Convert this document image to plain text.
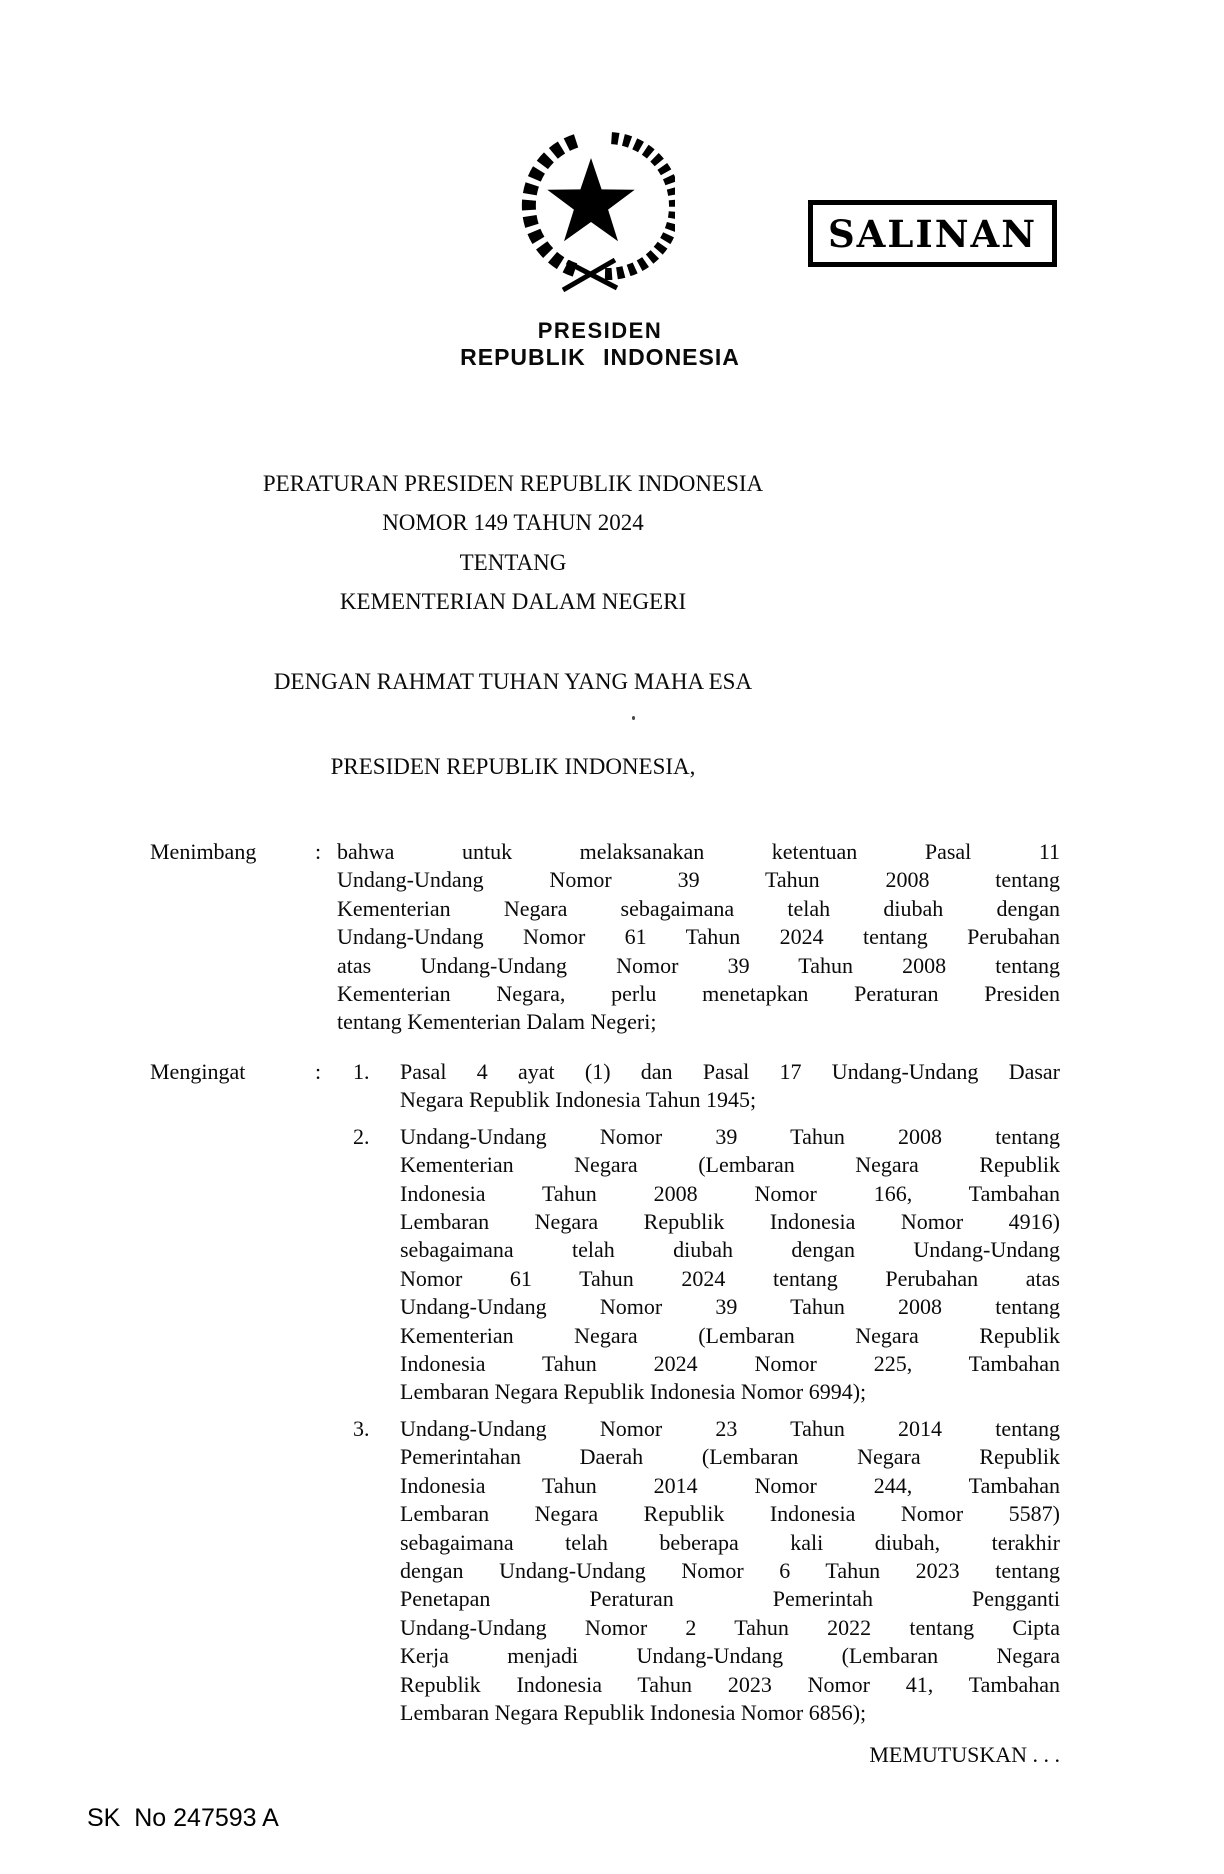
SALINAN
PRESIDEN
REPUBLIK INDONESIA
PERATURAN PRESIDEN REPUBLIK INDONESIA
NOMOR 149 TAHUN 2024
TENTANG
KEMENTERIAN DALAM NEGERI
DENGAN RAHMAT TUHAN YANG MAHA ESA
PRESIDEN REPUBLIK INDONESIA,
Menimbang	: bahwa untuk melaksanakan ketentuan Pasal 11
Undang-Undang Nomor 39 Tahun 2008 tentang
Kementerian Negara sebagaimana telah diubah dengan
Undang-Undang Nomor 61 Tahun 2024 tentang Perubahan
atas Undang-Undang Nomor 39 Tahun 2008 tentang
Kementerian Negara, perlu menetapkan Peraturan Presiden
tentang Kementerian Dalam Negeri;
Mengingat	: 1.	Pasal 4 ayat (1) dan Pasal 17 Undang-Undang Dasar
Negara Republik Indonesia Tahun 1945;
2.	Undang-Undang Nomor 39 Tahun 2008 tentang
Kementerian Negara (Lembaran Negara Republik
Indonesia Tahun 2008 Nomor 166, Tambahan
Lembaran Negara Republik Indonesia Nomor 4916)
sebagaimana telah diubah dengan Undang-Undang
Nomor 61 Tahun 2024 tentang Perubahan atas
Undang-Undang Nomor 39 Tahun 2008 tentang
Kementerian Negara (Lembaran Negara Republik
Indonesia Tahun 2024 Nomor 225, Tambahan
Lembaran Negara Republik Indonesia Nomor 6994);
3.	Undang-Undang Nomor 23 Tahun 2014 tentang
Pemerintahan Daerah (Lembaran Negara Republik
Indonesia Tahun 2014 Nomor 244, Tambahan
Lembaran Negara Republik Indonesia Nomor 5587)
sebagaimana telah beberapa kali diubah, terakhir
dengan Undang-Undang Nomor 6 Tahun 2023 tentang
Penetapan Peraturan Pemerintah Pengganti
Undang-Undang Nomor 2 Tahun 2022 tentang Cipta
Kerja menjadi Undang-Undang (Lembaran Negara
Republik Indonesia Tahun 2023 Nomor 41, Tambahan
Lembaran Negara Republik Indonesia Nomor 6856);
MEMUTUSKAN . . .
SK  No 247593 A
